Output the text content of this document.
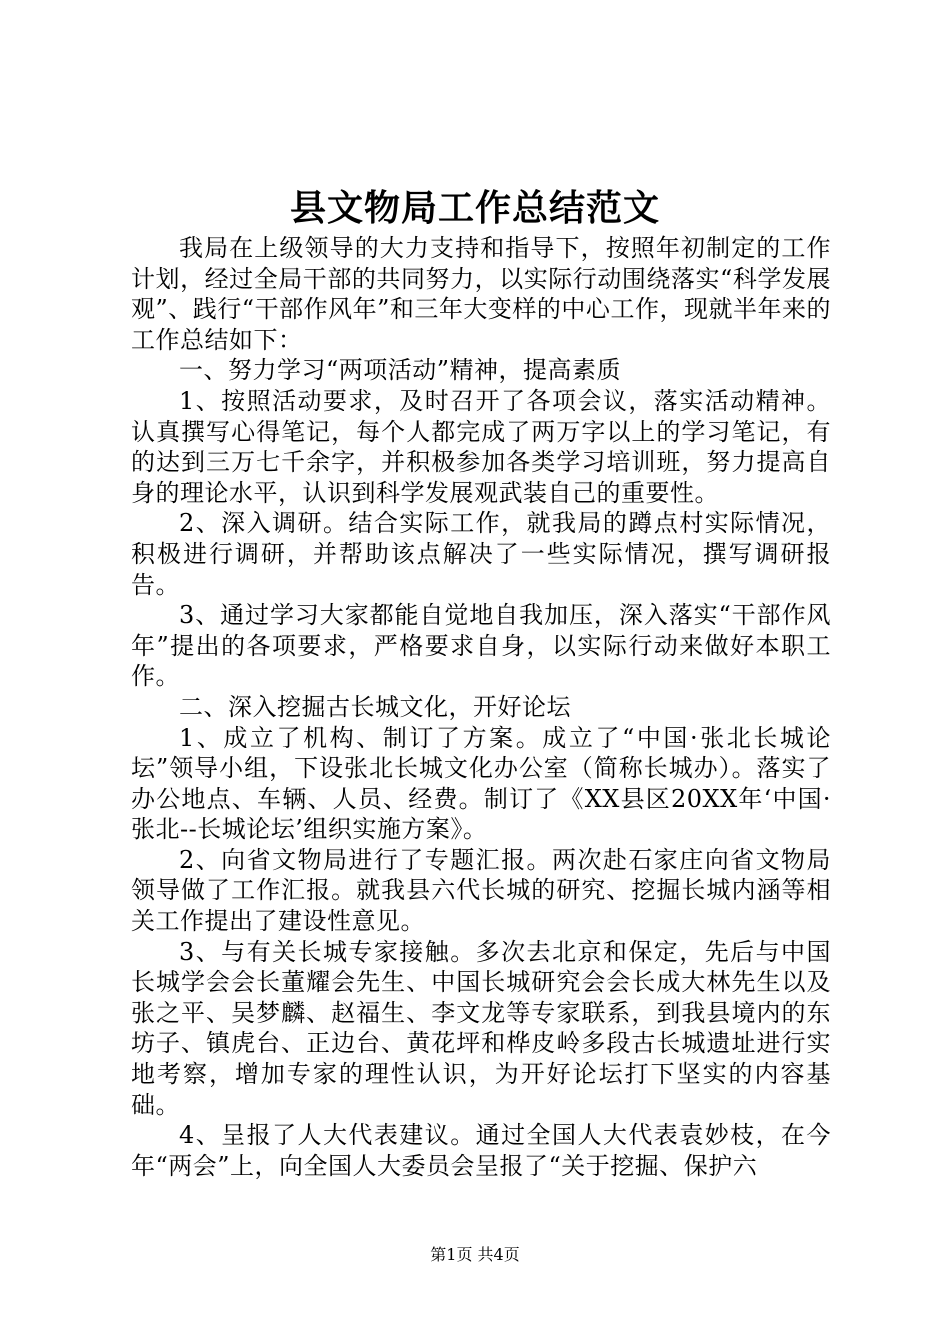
县文物局工作总结范文

我局在上级领导的大力支持和指导下，按照年初制定的工作计划，经过全局干部的共同努力，以实际行动围绕落实“科学发展观”、践行“干部作风年”和三年大变样的中心工作，现就半年来的工作总结如下：

一、努力学习“两项活动”精神，提高素质

1、按照活动要求，及时召开了各项会议，落实活动精神。认真撰写心得笔记，每个人都完成了两万字以上的学习笔记，有的达到三万七千余字，并积极参加各类学习培训班，努力提高自身的理论水平，认识到科学发展观武装自己的重要性。

2、深入调研。结合实际工作，就我局的蹲点村实际情况，积极进行调研，并帮助该点解决了一些实际情况，撰写调研报告。

3、通过学习大家都能自觉地自我加压，深入落实“干部作风年”提出的各项要求，严格要求自身，以实际行动来做好本职工作。

二、深入挖掘古长城文化，开好论坛

1、成立了机构、制订了方案。成立了“中国·张北长城论坛”领导小组，下设张北长城文化办公室（简称长城办）。落实了办公地点、车辆、人员、经费。制订了《XX县区20XX年‘中国·张北--长城论坛’组织实施方案》。

2、向省文物局进行了专题汇报。两次赴石家庄向省文物局领导做了工作汇报。就我县六代长城的研究、挖掘长城内涵等相关工作提出了建设性意见。

3、与有关长城专家接触。多次去北京和保定，先后与中国长城学会会长董耀会先生、中国长城研究会会长成大林先生以及张之平、吴梦麟、赵福生、李文龙等专家联系，到我县境内的东坊子、镇虎台、正边台、黄花坪和桦皮岭多段古长城遗址进行实地考察，增加专家的理性认识，为开好论坛打下坚实的内容基础。

4、呈报了人大代表建议。通过全国人大代表袁妙枝，在今年“两会”上，向全国人大委员会呈报了“关于挖掘、保护六

第1页 共4页
